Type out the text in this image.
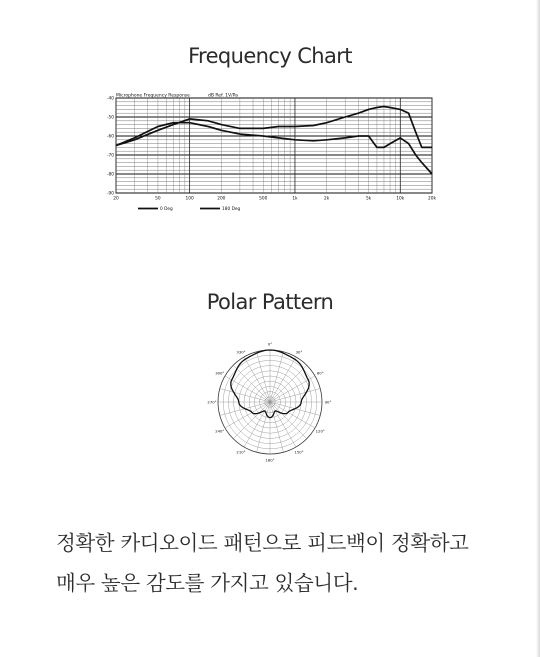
Frequency Chart
Microphone Frequency Response	dB Ref. 1V/Pa
-40
-50
-60
-70
-80
-90
20	50	100	200	500	1k	2k	5k	10k	20k
0 Deg	180 Deg
Polar Pattern
0°
30°
60°
90°
120°
150°
180°
210°
240°
270°
300°
330°
정확한 카디오이드 패턴으로 피드백이 정확하고
매우 높은 감도를 가지고 있습니다.
